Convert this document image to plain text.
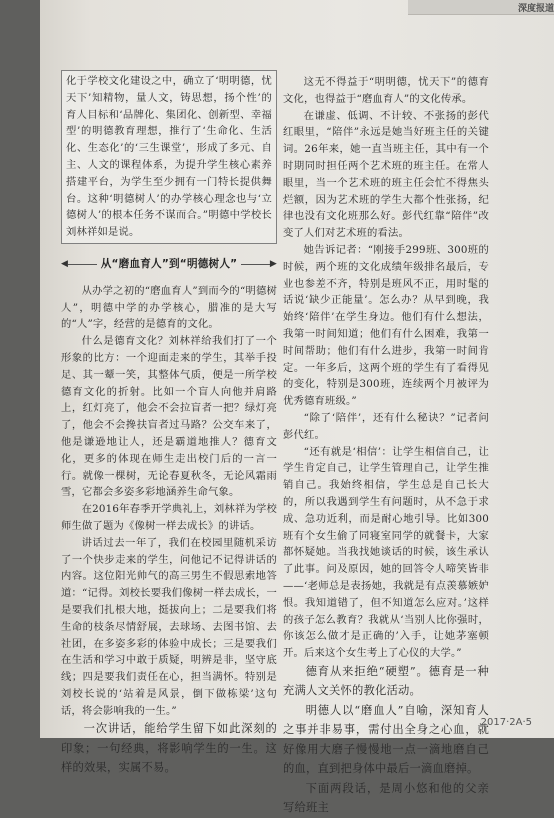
深度报道

化于学校文化建设之中，确立了‘明明德，忧天下’知精物，量人文，铸思想，扬个性’的育人目标和‘品牌化、集团化、创新型、幸福型’的明德教育理想，推行了‘生命化、生活化、生态化’的‘三生课堂’，形成了多元、自主、人文的课程体系，为提升学生核心素养搭建平台，为学生至少拥有一门特长提供舞台。这种‘明德树人’的办学核心理念也与‘立德树人’的根本任务不谋而合。”明德中学校长刘林祥如是说。

◀	从“磨血育人”到“明德树人”	▶

从办学之初的“磨血育人”到而今的“明德树人”，明德中学的办学核心，腊准的是大写的“人”字，经营的是德育的文化。

什么是德育文化？刘林祥给我们打了一个形象的比方：一个迎面走来的学生，其举手投足、其一颦一笑，其整体气质，便是一所学校德育文化的折射。比如一个盲人向他并肩路上，红灯亮了，他会不会拉盲者一把？绿灯亮了，他会不会搀扶盲者过马路？公交车来了，他是谦逊地让人，还是霸道地推人？德育文化，更多的体现在师生走出校门后的一言一行。就像一棵树，无论春夏秋冬，无论风霜雨雪，它都会多姿多彩地涵养生命气象。

在2016年春季开学典礼上，刘林祥为学校师生做了题为《像树一样去成长》的讲话。

讲话过去一年了，我们在校园里随机采访了一个快步走来的学生，问他记不记得讲话的内容。这位阳光帅气的高三男生不假思索地答道：“记得。刘校长要我们像树一样去成长，一是要我们扎根大地，挺拔向上；二是要我们将生命的枝条尽情舒展，去球场、去图书馆、去社团，在多姿多彩的体验中成长；三是要我们在生活和学习中敢于质疑，明辨是非，坚守底线；四是要我们责任在心，担当满怀。特别是刘校长说的‘站着是风景，倒下做栋梁’这句话，将会影响我的一生。”

一次讲话，能给学生留下如此深刻的印象；一句经典，将影响学生的一生。这样的效果，实属不易。

这无不得益于“明明德，忧天下”的德育文化，也得益于“磨血育人”的文化传承。

在谦虚、低调、不计较、不张扬的彭代红眼里，“陪伴”永远是她当好班主任的关键词。26年来，她一直当班主任，其中有一个时期同时担任两个艺术班的班主任。在常人眼里，当一个艺术班的班主任会忙不得焦头烂额，因为艺术班的学生大都个性张扬，纪律也没有文化班那么好。彭代红靠“陪伴”改变了人们对艺术班的看法。

她告诉记者：“刚接手299班、300班的时候，两个班的文化成绩年级排名最后，专业也参差不齐，特别是班风不正，用时髦的话说‘缺少正能量’。怎么办？从早到晚，我始终‘陪伴’在学生身边。他们有什么想法，我第一时间知道；他们有什么困难，我第一时间帮助；他们有什么进步，我第一时间肯定。一年多后，这两个班的学生有了看得见的变化，特别是300班，连续两个月被评为优秀德育班级。”

“除了‘陪伴’，还有什么秘诀？”记者问彭代红。

“还有就是‘相信’：让学生相信自己，让学生肯定自己，让学生管理自己，让学生推销自己。我始终相信，学生总是自己长大的，所以我遇到学生有问题时，从不急于求成、急功近利，而是耐心地引导。比如300班有个女生偷了同寝室同学的就餐卡，大家都怀疑她。当我找她谈话的时候，该生承认了此事。问及原因，她的回答令人啼笑皆非——‘老师总是表扬她，我就是有点羡慕嫉妒恨。我知道错了，但不知道怎么应对。’这样的孩子怎么教育？我就从‘当别人比你强时，你该怎么做才是正确的’入手，让她茅塞顿开。后来这个女生考上了心仪的大学。”

德育从来拒绝“硬塑”。德育是一种充满人文关怀的教化活动。

明德人以“磨血人”自喻，深知育人之事并非易事，需付出全身之心血，就好像用大磨子慢慢地一点一滴地磨自己的血，直到把身体中最后一滴血磨掉。

下面两段话，是周小悠和他的父亲写给班主

2017·2A·5
